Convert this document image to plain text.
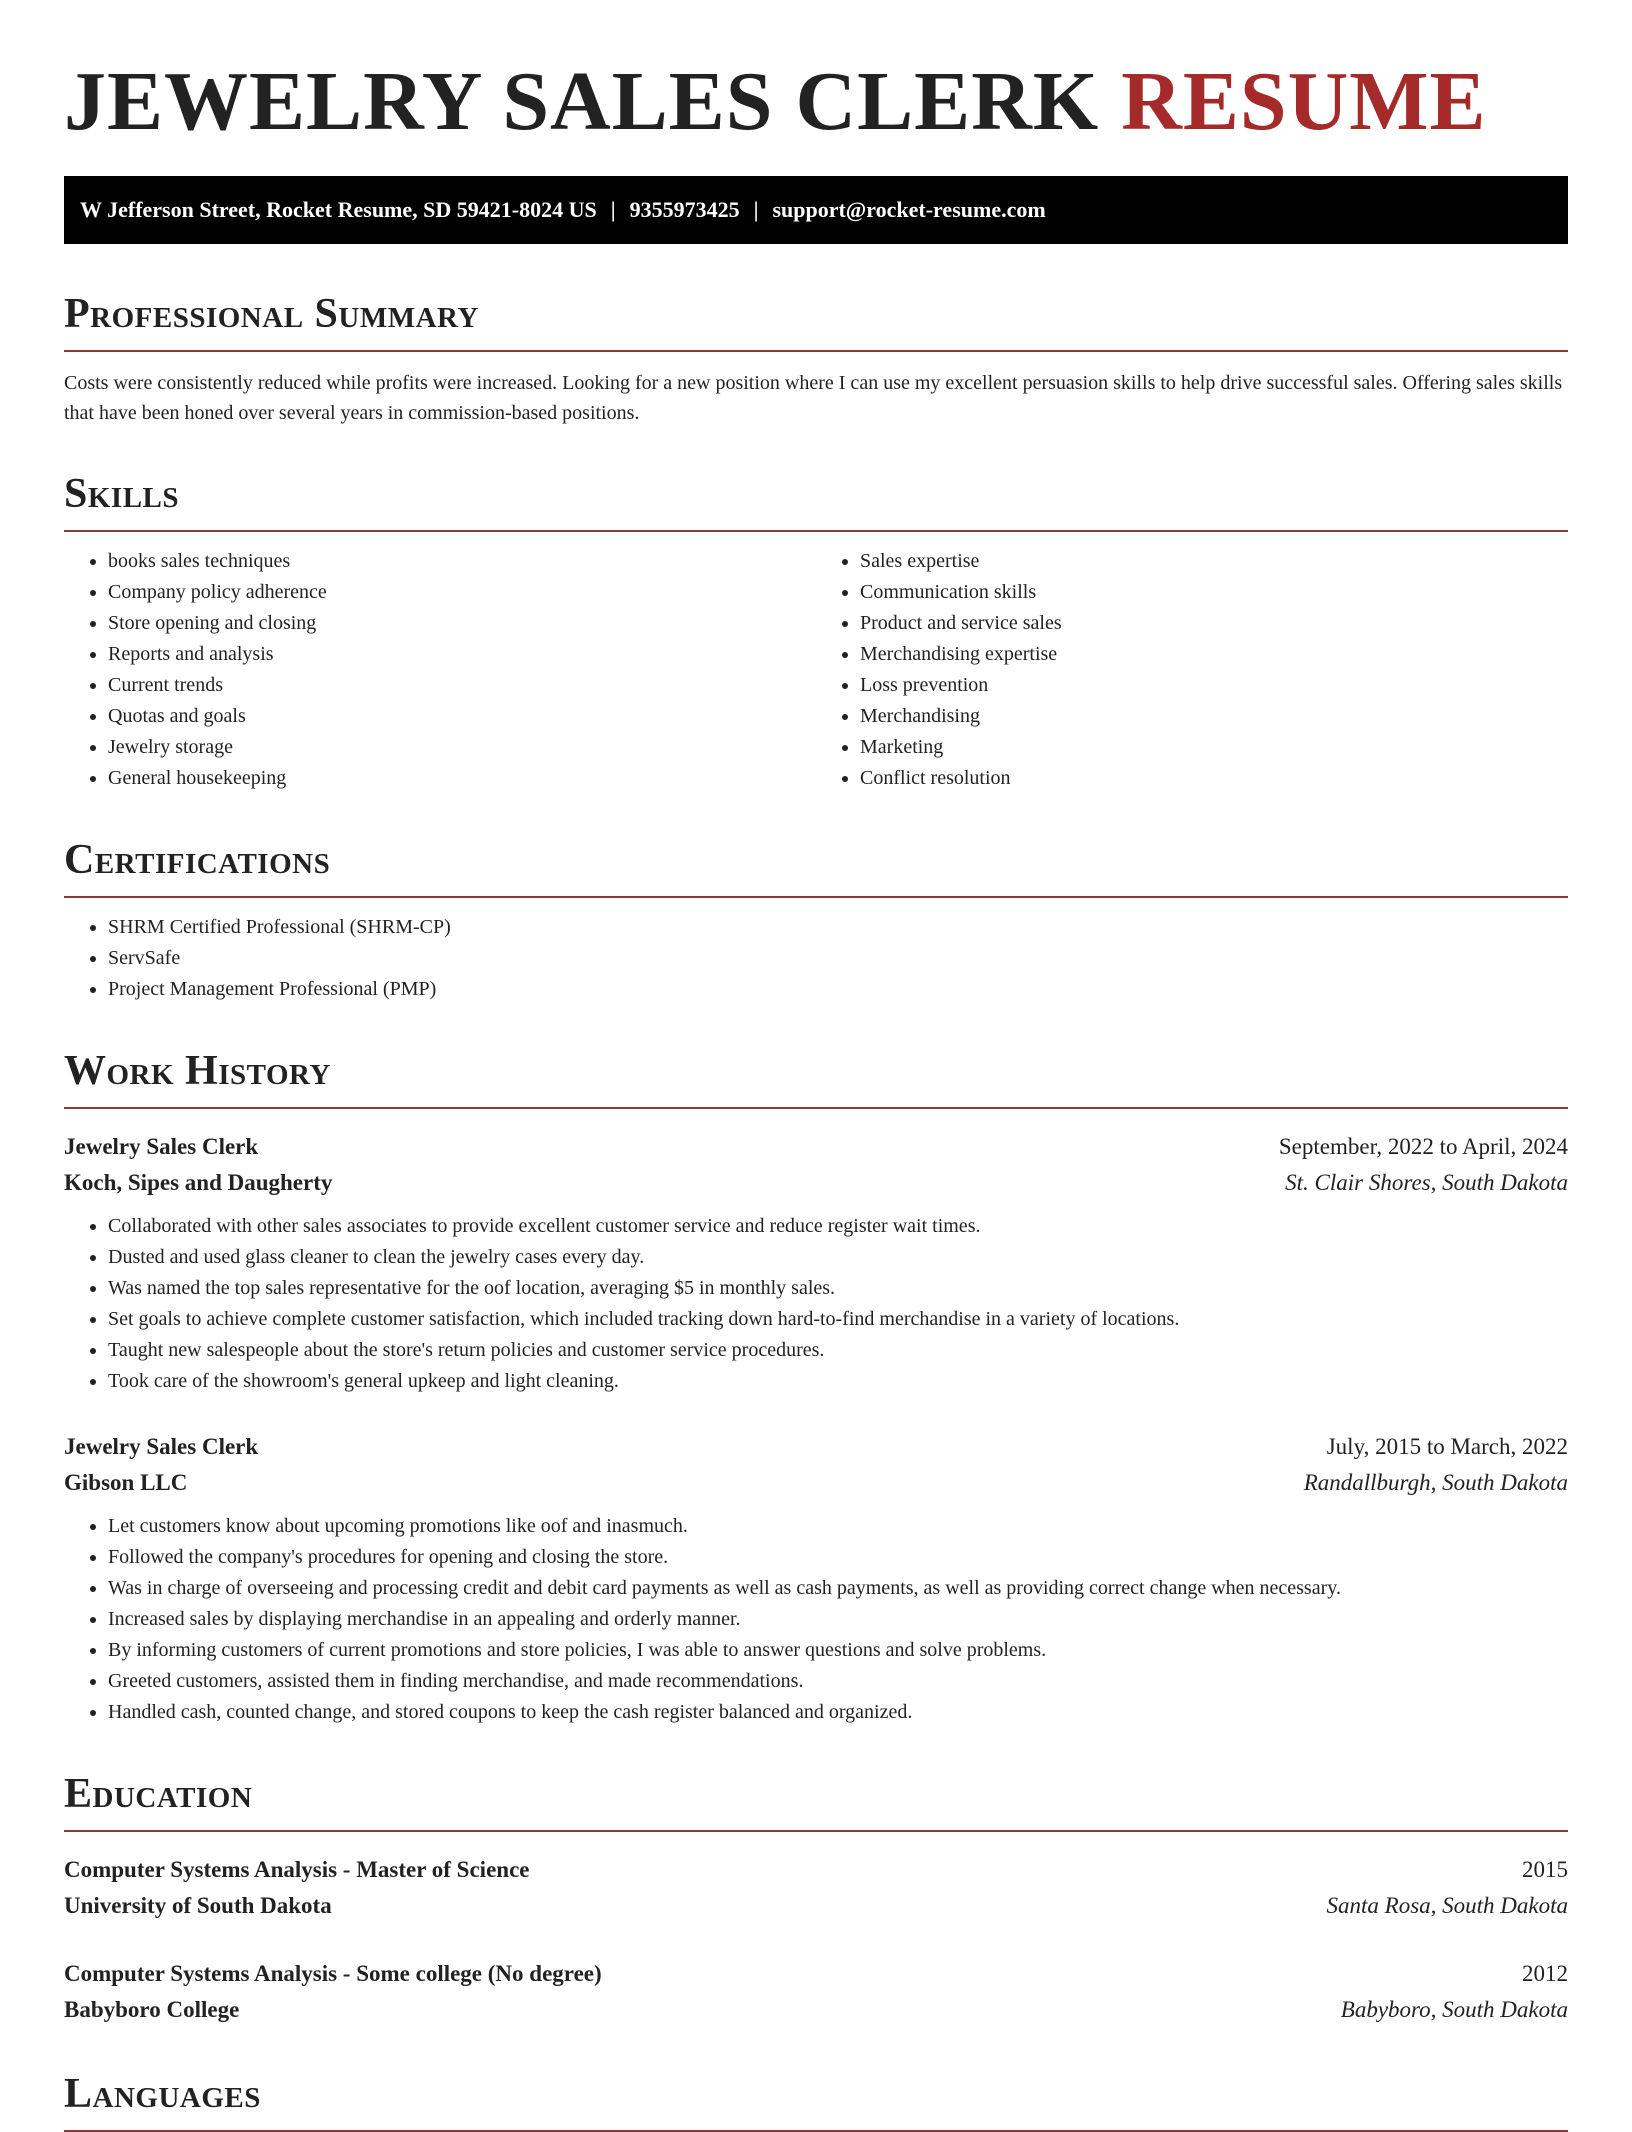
JEWELRY SALES CLERK RESUME
W Jefferson Street, Rocket Resume, SD 59421-8024 US | 9355973425 | support@rocket-resume.com
Professional Summary

Costs were consistently reduced while profits were increased. Looking for a new position where I can use my excellent persuasion skills to help drive successful sales. Offering sales skills that have been honed over several years in commission-based positions.

Skills
• books sales techniques
• Company policy adherence
• Store opening and closing
• Reports and analysis
• Current trends
• Quotas and goals
• Jewelry storage
• General housekeeping
• Sales expertise
• Communication skills
• Product and service sales
• Merchandising expertise
• Loss prevention
• Merchandising
• Marketing
• Conflict resolution
Certifications
• SHRM Certified Professional (SHRM-CP)
• ServSafe
• Project Management Professional (PMP)
Work History
Jewelry Sales Clerk	September, 2022 to April, 2024
Koch, Sipes and Daugherty	St. Clair Shores, South Dakota
• Collaborated with other sales associates to provide excellent customer service and reduce register wait times.
• Dusted and used glass cleaner to clean the jewelry cases every day.
• Was named the top sales representative for the oof location, averaging $5 in monthly sales.
• Set goals to achieve complete customer satisfaction, which included tracking down hard-to-find merchandise in a variety of locations.
• Taught new salespeople about the store's return policies and customer service procedures.
• Took care of the showroom's general upkeep and light cleaning.
Jewelry Sales Clerk	July, 2015 to March, 2022
Gibson LLC	Randallburgh, South Dakota
• Let customers know about upcoming promotions like oof and inasmuch.
• Followed the company's procedures for opening and closing the store.
• Was in charge of overseeing and processing credit and debit card payments as well as cash payments, as well as providing correct change when necessary.
• Increased sales by displaying merchandise in an appealing and orderly manner.
• By informing customers of current promotions and store policies, I was able to answer questions and solve problems.
• Greeted customers, assisted them in finding merchandise, and made recommendations.
• Handled cash, counted change, and stored coupons to keep the cash register balanced and organized.
Education
Computer Systems Analysis - Master of Science	2015
University of South Dakota	Santa Rosa, South Dakota
Computer Systems Analysis - Some college (No degree)	2012
Babyboro College	Babyboro, South Dakota
Languages
